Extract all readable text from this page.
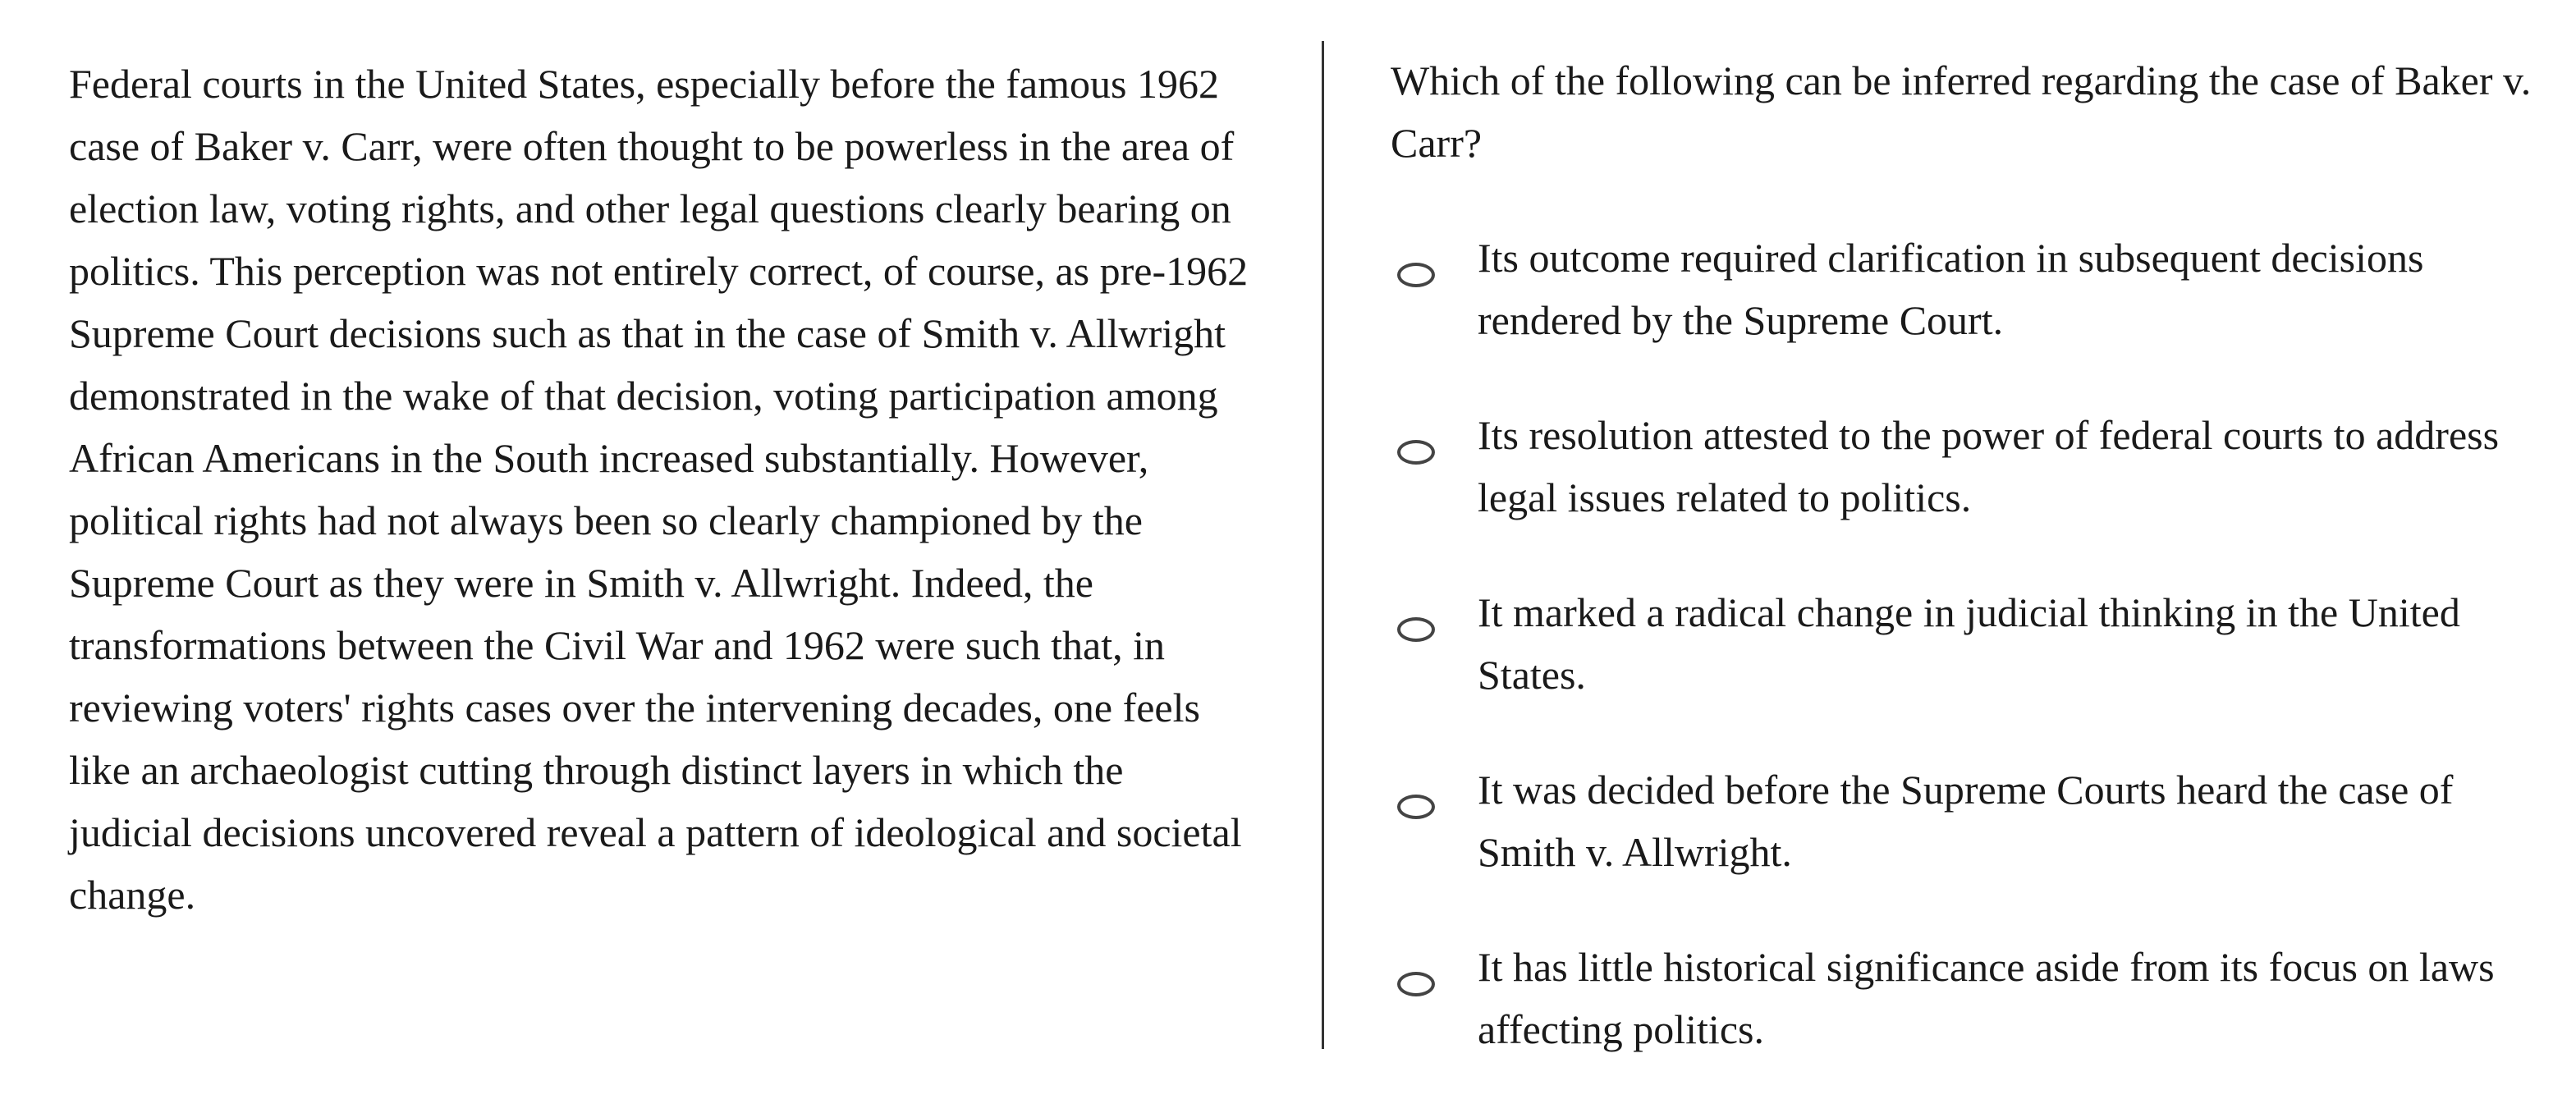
Federal courts in the United States, especially before the famous 1962 case of Baker v. Carr, were often thought to be powerless in the area of election law, voting rights, and other legal questions clearly bearing on politics. This perception was not entirely correct, of course, as pre-1962 Supreme Court decisions such as that in the case of Smith v. Allwright demonstrated in the wake of that decision, voting participation among African Americans in the South increased substantially. However, political rights had not always been so clearly championed by the Supreme Court as they were in Smith v. Allwright. Indeed, the transformations between the Civil War and 1962 were such that, in reviewing voters' rights cases over the intervening decades, one feels like an archaeologist cutting through distinct layers in which the judicial decisions uncovered reveal a pattern of ideological and societal change.

Which of the following can be inferred regarding the case of Baker v. Carr?

Its outcome required clarification in subsequent decisions rendered by the Supreme Court.
Its resolution attested to the power of federal courts to address legal issues related to politics.
It marked a radical change in judicial thinking in the United States.
It was decided before the Supreme Courts heard the case of Smith v. Allwright.
It has little historical significance aside from its focus on laws affecting politics.
